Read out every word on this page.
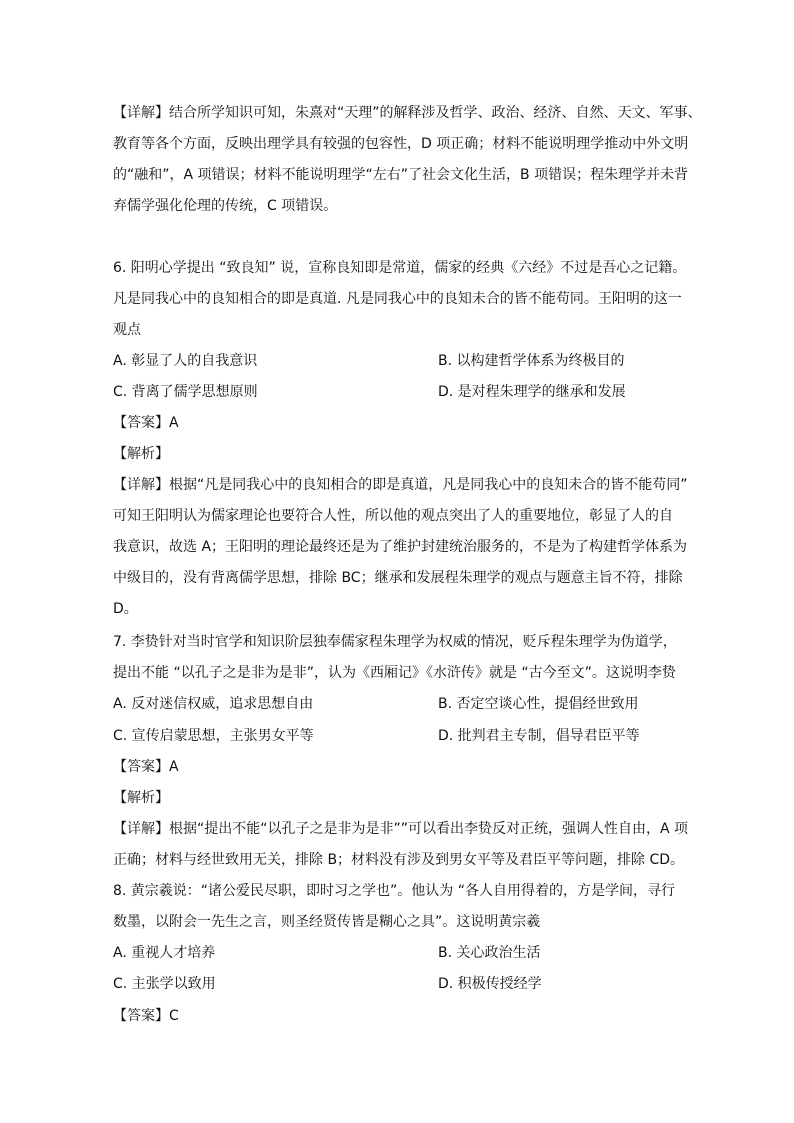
【详解】结合所学知识可知，朱熹对“天理”的解释涉及哲学、政治、经济、自然、天文、军事、
教育等各个方面，反映出理学具有较强的包容性，D 项正确；材料不能说明理学推动中外文明
的“融和”，A 项错误；材料不能说明理学“左右”了社会文化生活，B 项错误；程朱理学并未背
弃儒学强化伦理的传统，C 项错误。
6. 阳明心学提出 “致良知” 说，宣称良知即是常道，儒家的经典《六经》不过是吾心之记籍。
凡是同我心中的良知相合的即是真道. 凡是同我心中的良知未合的皆不能苟同。王阳明的这一
观点
A. 彰显了人的自我意识	B. 以构建哲学体系为终极目的
C. 背离了儒学思想原则	D. 是对程朱理学的继承和发展
【答案】A
【解析】
【详解】根据“凡是同我心中的良知相合的即是真道，凡是同我心中的良知未合的皆不能苟同”
可知王阳明认为儒家理论也要符合人性，所以他的观点突出了人的重要地位，彰显了人的自
我意识，故选 A；王阳明的理论最终还是为了维护封建统治服务的，不是为了构建哲学体系为
中级目的，没有背离儒学思想，排除 BC；继承和发展程朱理学的观点与题意主旨不符，排除
D。
7. 李贽针对当时官学和知识阶层独奉儒家程朱理学为权威的情况，贬斥程朱理学为伪道学，
提出不能 “以孔子之是非为是非”，认为《西厢记》《水浒传》就是 “古今至文”。这说明李贽
A. 反对迷信权威，追求思想自由	B. 否定空谈心性，提倡经世致用
C. 宣传启蒙思想，主张男女平等	D. 批判君主专制，倡导君臣平等
【答案】A
【解析】
【详解】根据“提出不能“以孔子之是非为是非””可以看出李贽反对正统，强调人性自由，A 项
正确；材料与经世致用无关，排除 B；材料没有涉及到男女平等及君臣平等问题，排除 CD。
8. 黄宗羲说：“诸公爱民尽职，即时习之学也”。他认为 “各人自用得着的，方是学间，寻行
数墨，以附会一先生之言，则圣经贤传皆是糊心之具”。这说明黄宗羲
A. 重视人才培养	B. 关心政治生活
C. 主张学以致用	D. 积极传授经学
【答案】C
